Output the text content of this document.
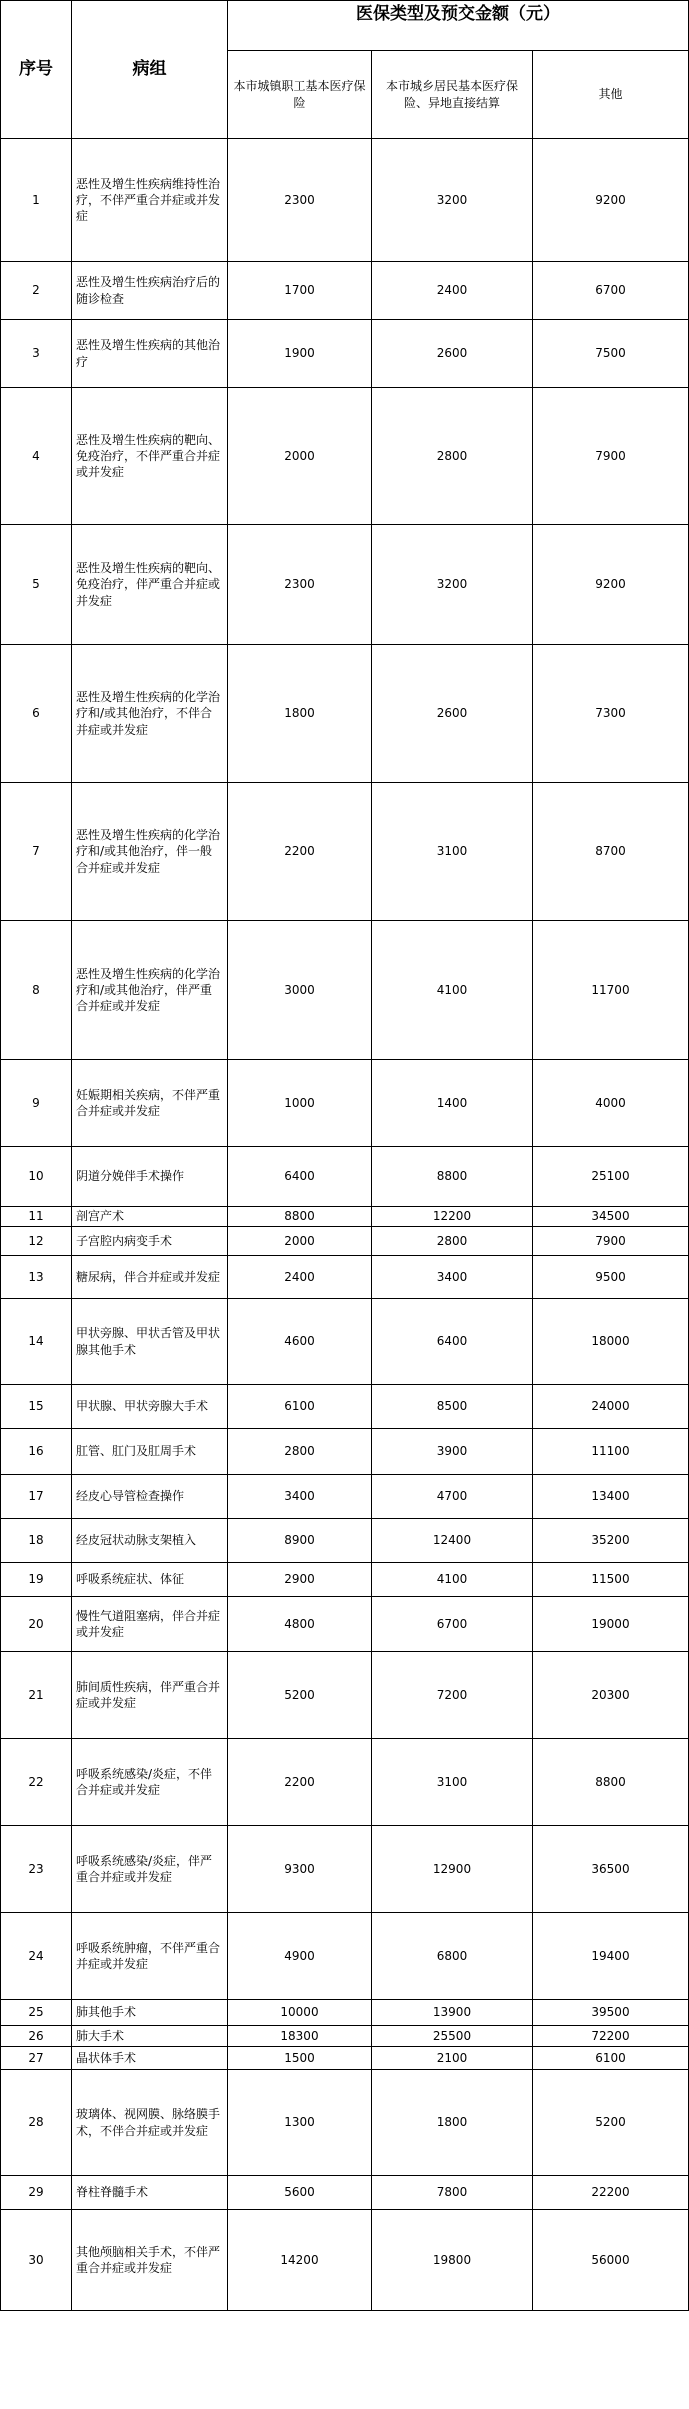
序号	病组	医保类型及预交金额（元）		
		本市城镇职工基本医疗保险	本市城乡居民基本医疗保险、异地直接结算	其他
1	恶性及增生性疾病维持性治疗，不伴严重合并症或并发症	2300	3200	9200
2	恶性及增生性疾病治疗后的随诊检查	1700	2400	6700
3	恶性及增生性疾病的其他治疗	1900	2600	7500
4	恶性及增生性疾病的靶向、免疫治疗，不伴严重合并症或并发症	2000	2800	7900
5	恶性及增生性疾病的靶向、免疫治疗，伴严重合并症或并发症	2300	3200	9200
6	恶性及增生性疾病的化学治疗和/或其他治疗，不伴合并症或并发症	1800	2600	7300
7	恶性及增生性疾病的化学治疗和/或其他治疗，伴一般合并症或并发症	2200	3100	8700
8	恶性及增生性疾病的化学治疗和/或其他治疗，伴严重合并症或并发症	3000	4100	11700
9	妊娠期相关疾病，不伴严重合并症或并发症	1000	1400	4000
10	阴道分娩伴手术操作	6400	8800	25100
11	剖宫产术	8800	12200	34500
12	子宫腔内病变手术	2000	2800	7900
13	糖尿病，伴合并症或并发症	2400	3400	9500
14	甲状旁腺、甲状舌管及甲状腺其他手术	4600	6400	18000
15	甲状腺、甲状旁腺大手术	6100	8500	24000
16	肛管、肛门及肛周手术	2800	3900	11100
17	经皮心导管检查操作	3400	4700	13400
18	经皮冠状动脉支架植入	8900	12400	35200
19	呼吸系统症状、体征	2900	4100	11500
20	慢性气道阻塞病，伴合并症或并发症	4800	6700	19000
21	肺间质性疾病，伴严重合并症或并发症	5200	7200	20300
22	呼吸系统感染/炎症，不伴合并症或并发症	2200	3100	8800
23	呼吸系统感染/炎症，伴严重合并症或并发症	9300	12900	36500
24	呼吸系统肿瘤，不伴严重合并症或并发症	4900	6800	19400
25	肺其他手术	10000	13900	39500
26	肺大手术	18300	25500	72200
27	晶状体手术	1500	2100	6100
28	玻璃体、视网膜、脉络膜手术，不伴合并症或并发症	1300	1800	5200
29	脊柱脊髓手术	5600	7800	22200
30	其他颅脑相关手术，不伴严重合并症或并发症	14200	19800	56000
